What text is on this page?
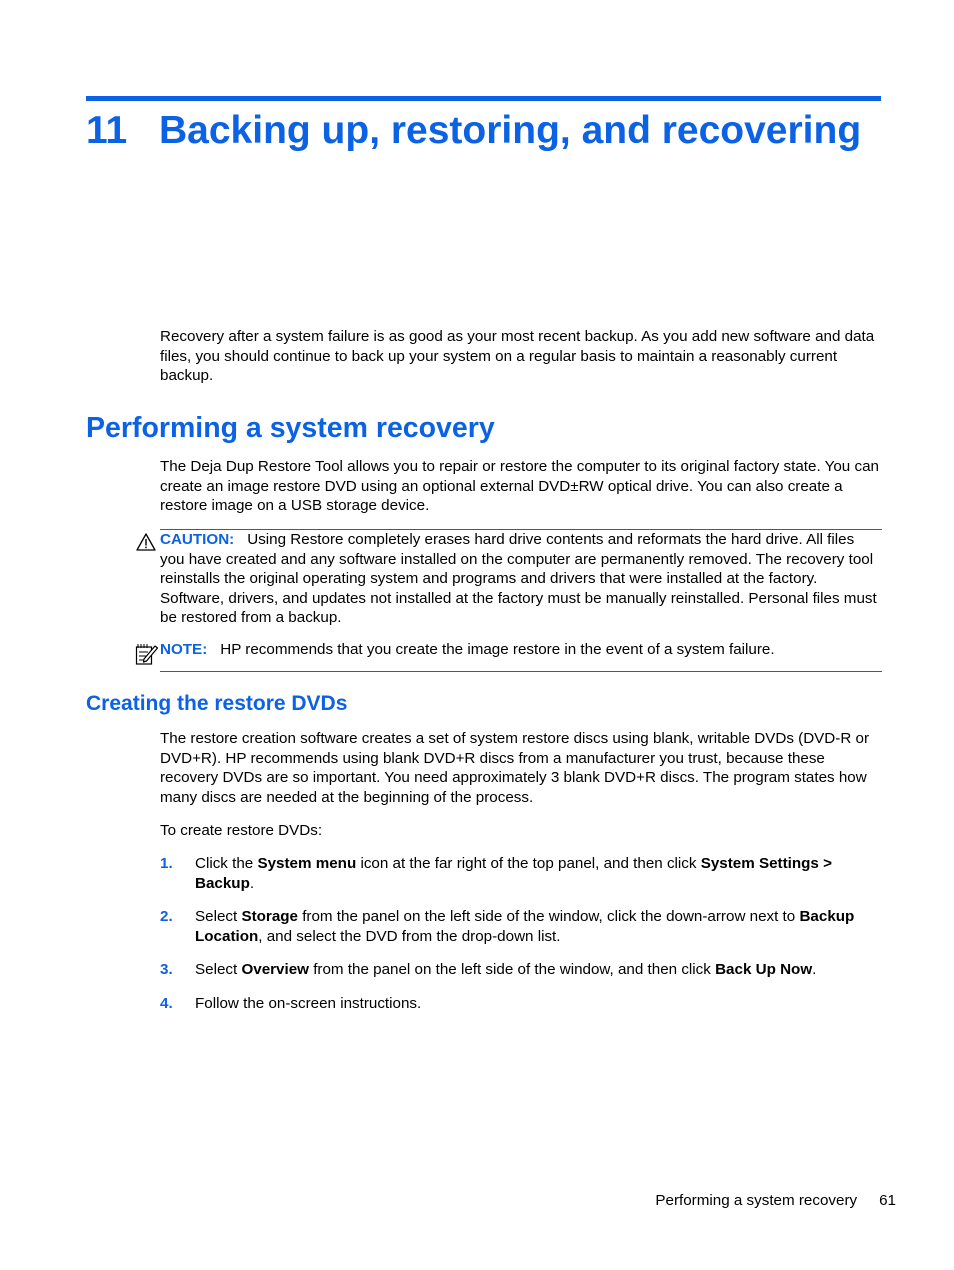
11 Backing up, restoring, and recovering
Recovery after a system failure is as good as your most recent backup. As you add new software and data files, you should continue to back up your system on a regular basis to maintain a reasonably current backup.
Performing a system recovery
The Deja Dup Restore Tool allows you to repair or restore the computer to its original factory state. You can create an image restore DVD using an optional external DVD±RW optical drive. You can also create a restore image on a USB storage device.
CAUTION: Using Restore completely erases hard drive contents and reformats the hard drive. All files you have created and any software installed on the computer are permanently removed. The recovery tool reinstalls the original operating system and programs and drivers that were installed at the factory. Software, drivers, and updates not installed at the factory must be manually reinstalled. Personal files must be restored from a backup.
NOTE: HP recommends that you create the image restore in the event of a system failure.
Creating the restore DVDs
The restore creation software creates a set of system restore discs using blank, writable DVDs (DVD-R or DVD+R). HP recommends using blank DVD+R discs from a manufacturer you trust, because these recovery DVDs are so important. You need approximately 3 blank DVD+R discs. The program states how many discs are needed at the beginning of the process.
To create restore DVDs:
1. Click the System menu icon at the far right of the top panel, and then click System Settings > Backup.
2. Select Storage from the panel on the left side of the window, click the down-arrow next to Backup Location, and select the DVD from the drop-down list.
3. Select Overview from the panel on the left side of the window, and then click Back Up Now.
4. Follow the on-screen instructions.
Performing a system recovery 61
